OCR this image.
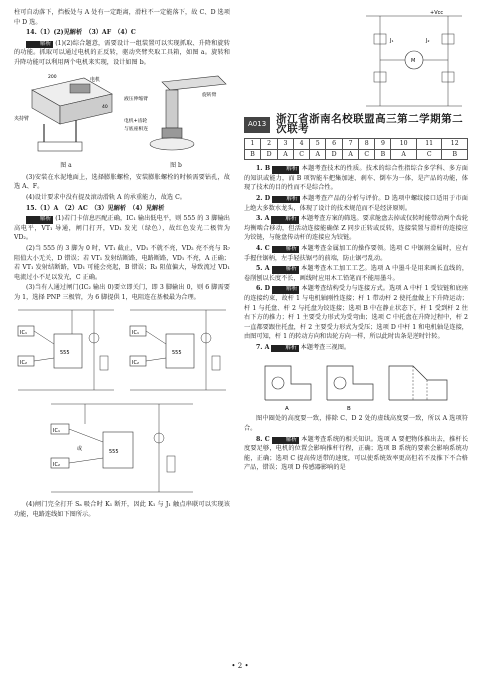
柱可自动落下，挡板处与 A 处有一定距离，滑柱不一定能落下，故 C、D 选项中 D 选。

14.（1）(2)见解析　（3）AF　（4）C

解析 (1)(2)综合题意，需要设计一组装置可以实现抓取、升降和旋转的功能。抓取可以通过电机的正反转，驱动夹臂夹取工具箱，如图 a。旋转和升降功能可以利用两个电机来实现，设计如图 b。

电机
夹持臂
200
40
图 a
旋转臂
液压伸缩臂
电机+齿轮
与底座相连
图 b

(3)安装在水泥地面上，选择膨胀螺栓，安装膨胀螺栓的时候需要钻孔，故选 A、F。

(4)设计要求中没有提及滚动滑轨 A 的承重能力，故选 C。

15.（1）A　（2）AC　（3）见解析　（4）见解析

解析 (1)若门卡信息匹配正确，IC₁ 输出低电平，则 555 的 3 脚输出高电平，VT₁ 导通，闸门打开，VD₁ 发光（绿色），故红色发光二极管为 VD₂。

(2)当 555 的 3 脚为 0 时，VT₁ 截止，VD₁ 不就不亮，VD₂ 亮不亮与 R₇ 阻值大小无关，D 错误；若 VT₁ 发射结断路，电路断路，VD₁ 不亮，A 正确；若 VT₁ 发射结断路，VD₁ 可能会亮起，B 错误；R₃ 阻值偏大，导致流过 VD₁ 电流过小不足以发光，C 正确。

(3)当有人通过闸门(IC₂ 输出 0)要立即关门，即 3 脚输出 0，则 6 脚需要为 1，选择 PNP 三极管，为 6 脚提供 1，电阻连在基极最为合理。

IC₁
IC₂
555
IC₁
IC₂
555
IC₁
IC₂
555
或

(4)闸门完全打开 Sₐ 吸合时 K₁ 断开，因此 K₁ 与 J₁ 触点串联可以实现该功能，电路连线如下图所示。

+Vcc
J₁	J₂
M
A013 浙江省浙南名校联盟高三第二学期第二次联考
1	2	3	4	5	6	7	8	9	10	11	12
B	D	A	C	A	D	A	C	B	A	C	B

1. B	解析 本题考查技术的性质。技术的综合性指综合多学科、多方面的知识或能力，而 B 项智能车把集加速、刹车、倒车为一体，是产品的功能，体现了技术的目的性而不是综合性。

2. D	解析 本题考查产品的分析与评价。D 选项中螺纹接口适用于市面上绝大多数水龙头，体现了设计的技术规范而不是经济原则。

3. A	解析 本题考查方案的筛选。要求舱盘去掉或仅转时能带动两个齿轮均衡啮合移动，但活动连接能确保 Z 同步正转或反转，连接装置与滑杆的连接应为铰链，与舱盘传动杆的连接应为铰链。

4. C	解析 本题考查金属加工的操作要领。选项 C 中锯割金属时，应右手握住锯柄，左手轻扶锯弓的前端，防止锯弓乱动。

5. A	解析 本题考查木工加工工艺。选项 A 中墨斗是用来画长直线的，卷削刨以长度不长，画线时应用木工铅笔而不能用墨斗。

6. D	解析 本题考查结构受力与连接方式。选项 A 中杆 1 受铰链和底座的连接约束，故杆 1 与电机轴刚性连接；杆 1 带动杆 2 使托盘做上下升降运动；杆 1 与托盘、杆 2 与托盘为铰连接；选项 B 中在静止状态下，杆 1 受到杆 2 往右下方的推力；杆 1 主要受力形式为受弯曲；选项 C 中托盘在升降过程中，杆 2 一直都要跟住托盘，杆 2 主要受力形式为受压；选项 D 中杆 1 和电机轴是连接，由图可知，杆 1 的转动方向和齿轮方向一样，所以此时齿条是逆时针转。

7. A	解析 本题考查三视图。

A	B

图中圈处的高度要一致，排除 C、D 2 处的虚线高度要一致，所以 A 选项符合。

8. C	解析 本题考查系统的相关知识。选项 A 要把物体推出去，推杆长度要足够，电机的位置会影响推杆行程，正确；选项 B 系统的要素会影响系统功能，正确；选项 C 提高传送带的速度，可以使系统效率更高但若不及推下不合格产品，错误；选项 D 传感器影响的是

• 2 •
